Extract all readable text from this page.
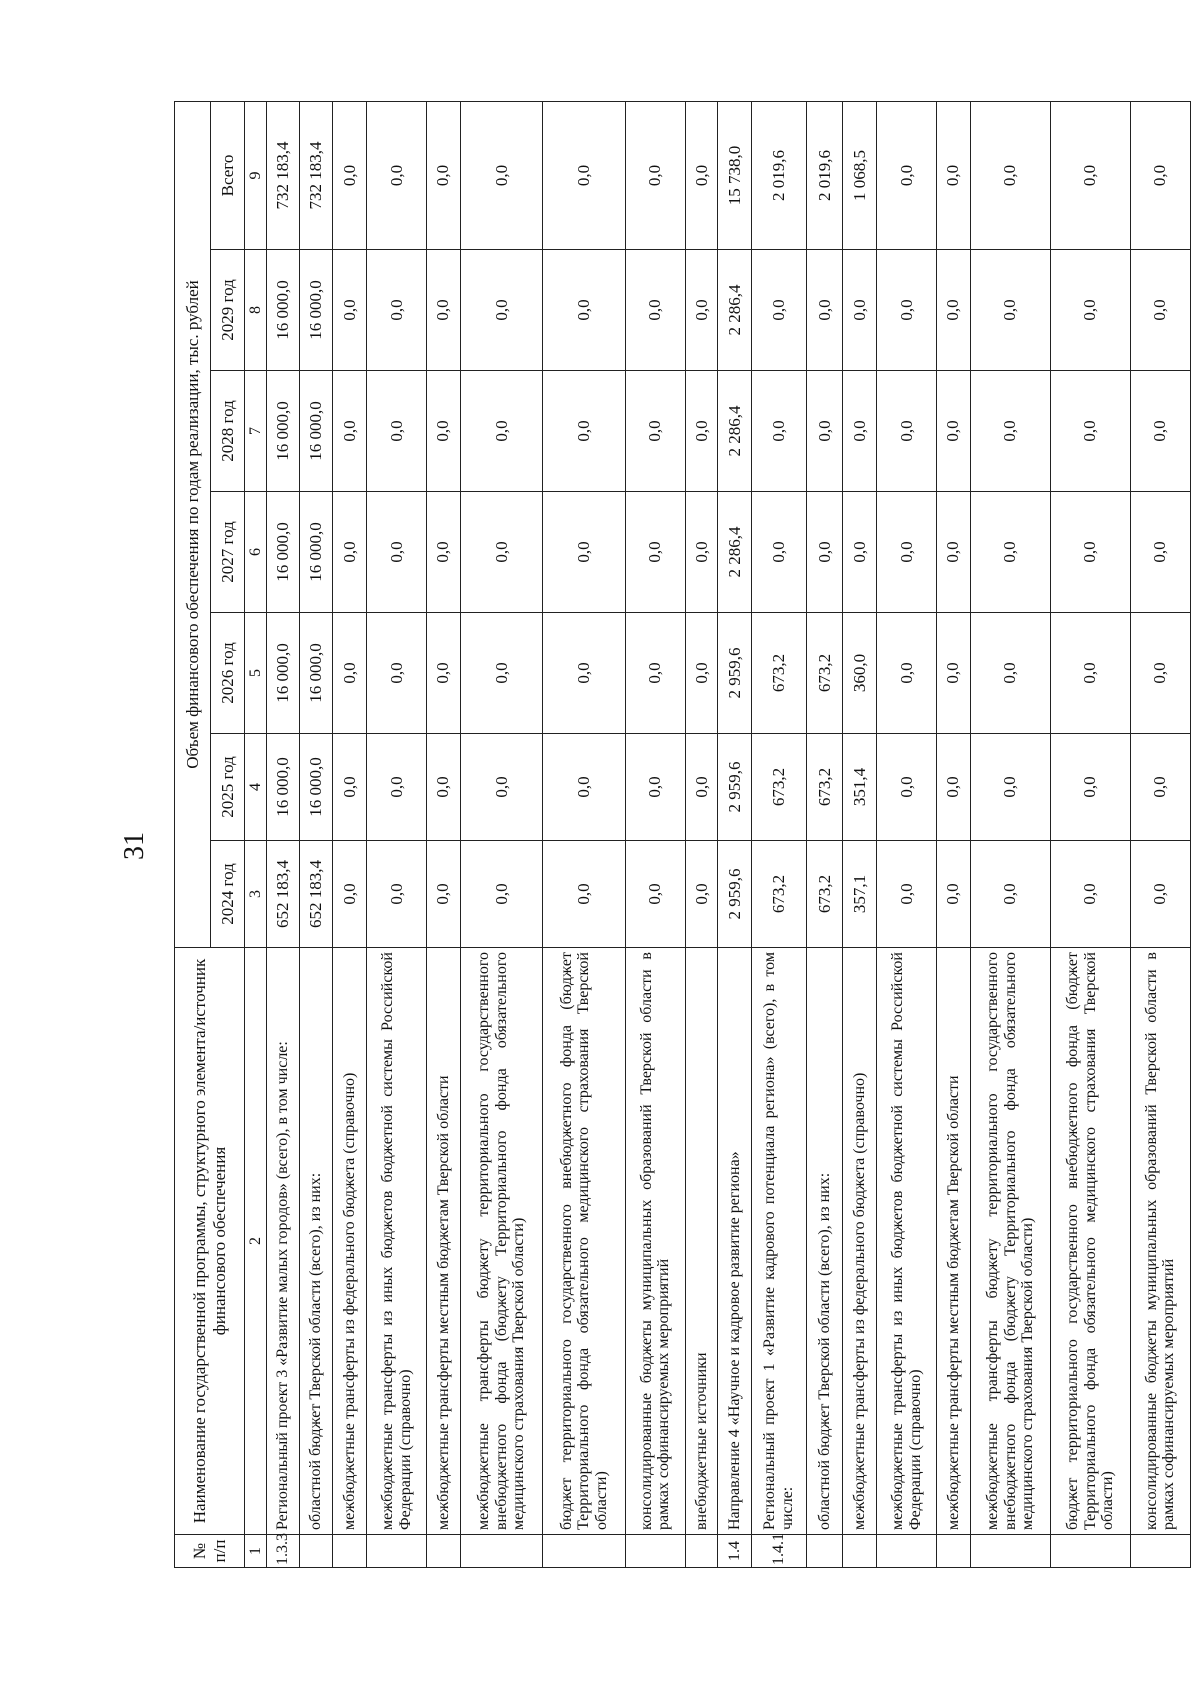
31
№ п/п	Наименование государственной программы, структурного элемента/источник финансового обеспечения	Объем финансового обеспечения по годам реализации, тыс. рублей						
		2024 год	2025 год	2026 год	2027 год	2028 год	2029 год	Всего
1	2	3	4	5	6	7	8	9
1.3.3	Региональный проект 3 «Развитие малых городов» (всего), в том числе:	652 183,4	16 000,0	16 000,0	16 000,0	16 000,0	16 000,0	732 183,4
	областной бюджет Тверской области (всего), из них:	652 183,4	16 000,0	16 000,0	16 000,0	16 000,0	16 000,0	732 183,4
	межбюджетные трансферты из федерального бюджета (справочно)	0,0	0,0	0,0	0,0	0,0	0,0	0,0
	межбюджетные трансферты из иных бюджетов бюджетной системы Российской Федерации (справочно)	0,0	0,0	0,0	0,0	0,0	0,0	0,0
	межбюджетные трансферты местным бюджетам Тверской области	0,0	0,0	0,0	0,0	0,0	0,0	0,0
	межбюджетные трансферты бюджету территориального государственного внебюджетного фонда (бюджету Территориального фонда обязательного медицинского страхования Тверской области)	0,0	0,0	0,0	0,0	0,0	0,0	0,0
	бюджет территориального государственного внебюджетного фонда (бюджет Территориального фонда обязательного медицинского страхования Тверской области)	0,0	0,0	0,0	0,0	0,0	0,0	0,0
	консолидированные бюджеты муниципальных образований Тверской области в рамках софинансируемых мероприятий	0,0	0,0	0,0	0,0	0,0	0,0	0,0
	внебюджетные источники	0,0	0,0	0,0	0,0	0,0	0,0	0,0
1.4	Направление 4 «Научное и кадровое развитие региона»	2 959,6	2 959,6	2 959,6	2 286,4	2 286,4	2 286,4	15 738,0
1.4.1	Региональный проект 1 «Развитие кадрового потенциала региона» (всего), в том числе:	673,2	673,2	673,2	0,0	0,0	0,0	2 019,6
	областной бюджет Тверской области (всего), из них:	673,2	673,2	673,2	0,0	0,0	0,0	2 019,6
	межбюджетные трансферты из федерального бюджета (справочно)	357,1	351,4	360,0	0,0	0,0	0,0	1 068,5
	межбюджетные трансферты из иных бюджетов бюджетной системы Российской Федерации (справочно)	0,0	0,0	0,0	0,0	0,0	0,0	0,0
	межбюджетные трансферты местным бюджетам Тверской области	0,0	0,0	0,0	0,0	0,0	0,0	0,0
	межбюджетные трансферты бюджету территориального государственного внебюджетного фонда (бюджету Территориального фонда обязательного медицинского страхования Тверской области)	0,0	0,0	0,0	0,0	0,0	0,0	0,0
	бюджет территориального государственного внебюджетного фонда (бюджет Территориального фонда обязательного медицинского страхования Тверской области)	0,0	0,0	0,0	0,0	0,0	0,0	0,0
	консолидированные бюджеты муниципальных образований Тверской области в рамках софинансируемых мероприятий	0,0	0,0	0,0	0,0	0,0	0,0	0,0
